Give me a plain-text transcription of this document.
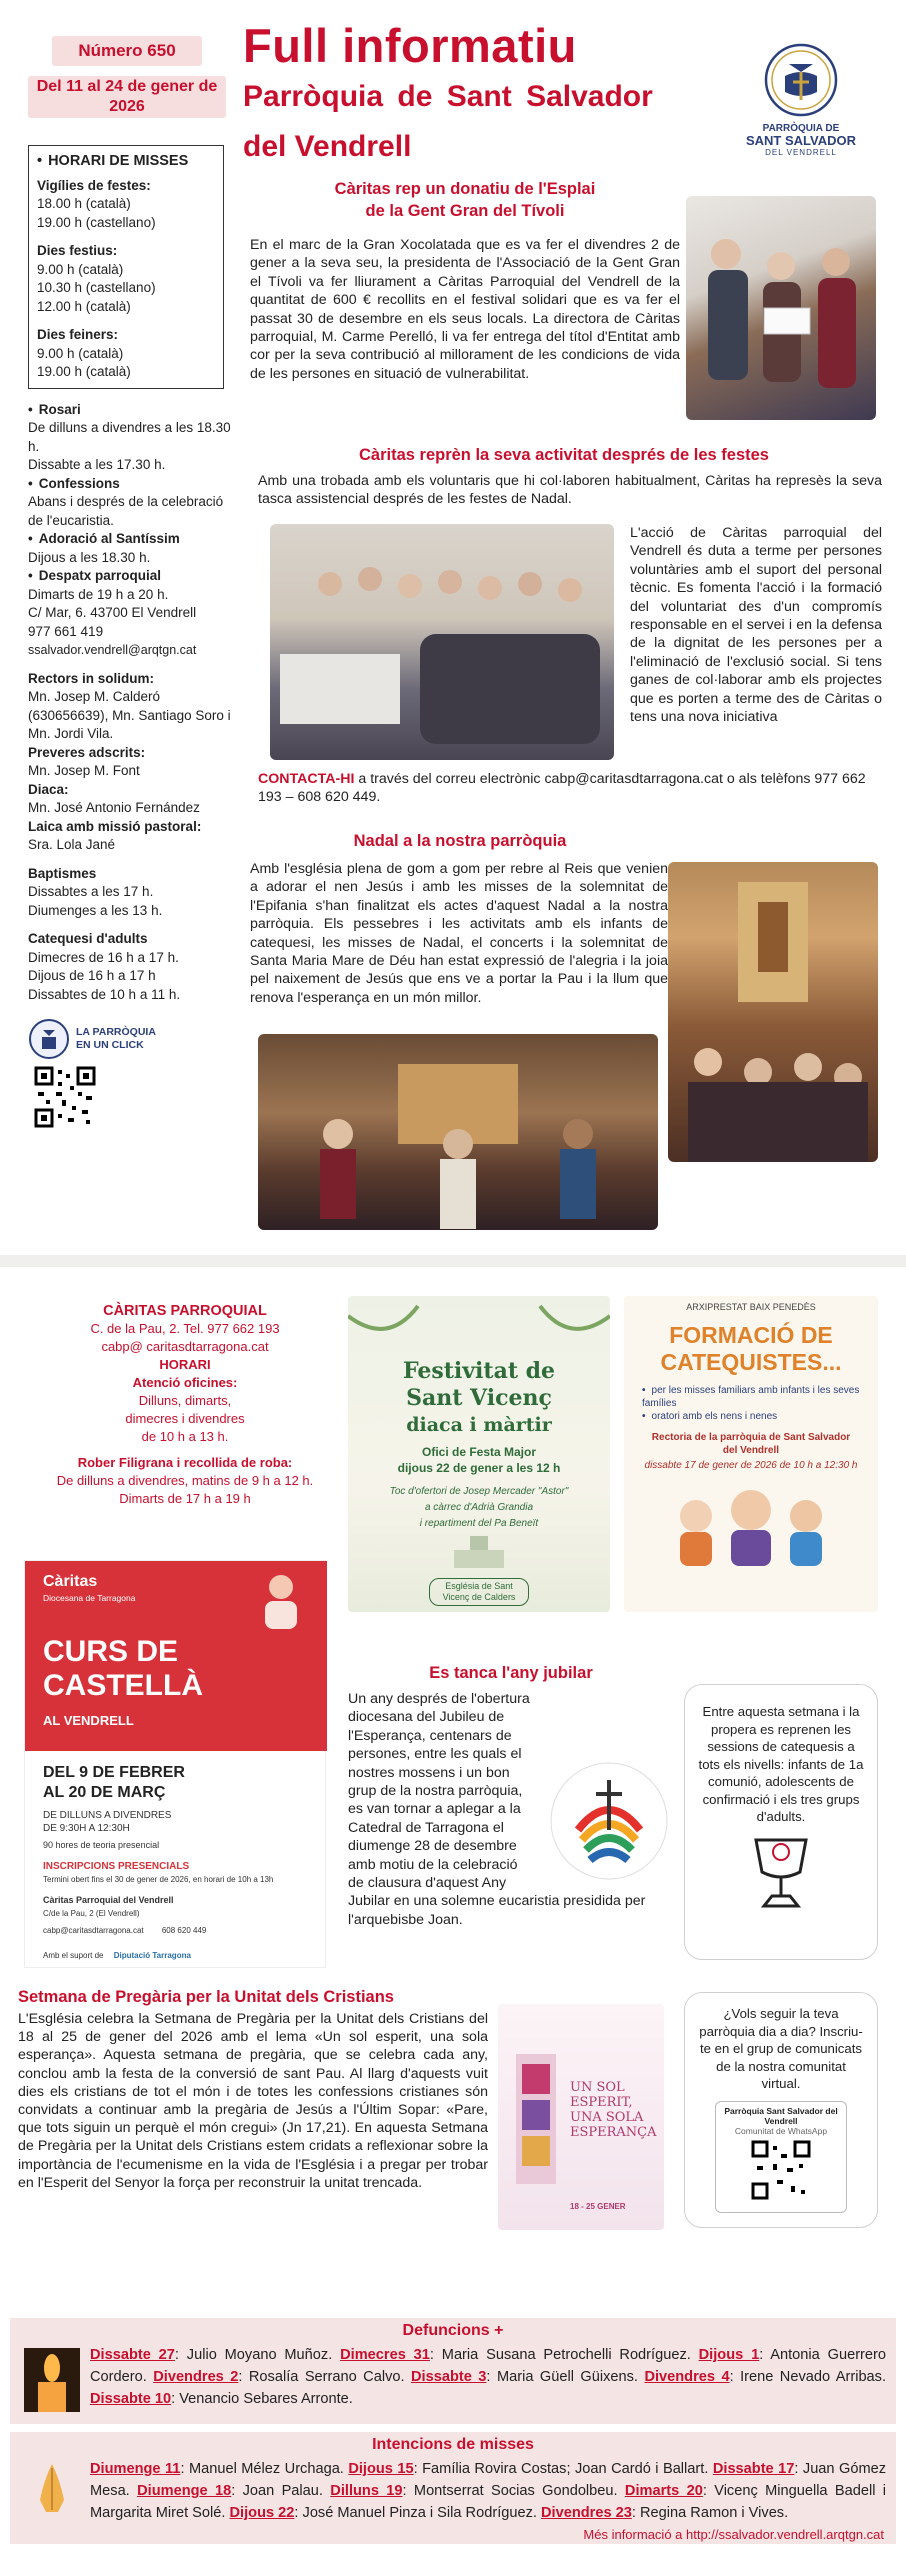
Número 650
Del 11 al 24 de gener de 2026
Full informatiu
Parròquia de Sant Salvador
del Vendrell
PARRÒQUIA DE
SANT SALVADOR
DEL VENDRELL
• HORARI DE MISSES
Vigílies de festes:
18.00 h (català)
19.00 h (castellano)
Dies festius:
9.00 h (català)
10.30 h (castellano)
12.00 h (català)
Dies feiners:
9.00 h (català)
19.00 h (català)
• Rosari
De dilluns a divendres a les 18.30 h.
Dissabte a les 17.30 h.
• Confessions
Abans i després de la celebració de l'eucaristia.
• Adoració al Santíssim
Dijous a les 18.30 h.
• Despatx parroquial
Dimarts de 19 h a 20 h.
C/ Mar, 6. 43700 El Vendrell
977 661 419
ssalvador.vendrell@arqtgn.cat
Rectors in solidum:
Mn. Josep M. Calderó (630656639), Mn. Santiago Soro i Mn. Jordi Vila.
Preveres adscrits:
Mn. Josep M. Font
Diaca:
Mn. José Antonio Fernández
Laica amb missió pastoral:
Sra. Lola Jané
Baptismes
Dissabtes a les 17 h.
Diumenges a les 13 h.
Catequesi d'adults
Dimecres de 16 h a 17 h.
Dijous de 16 h a 17 h
Dissabtes de 10 h a 11 h.
LA PARRÒQUIA EN UN CLICK
Càritas rep un donatiu de l'Esplai
de la Gent Gran del Tívoli
En el marc de la Gran Xocolatada que es va fer el divendres 2 de gener a la seva seu, la presidenta de l'Associació de la Gent Gran el Tívoli va fer lliurament a Càritas Parroquial del Vendrell de la quantitat de 600 € recollits en el festival solidari que es va fer el passat 30 de desembre en els seus locals. La directora de Càritas parroquial, M. Carme Perelló, li va fer entrega del títol d'Entitat amb cor per la seva contribució al millorament de les condicions de vida de les persones en situació de vulnerabilitat.
Càritas reprèn la seva activitat després de les festes
Amb una trobada amb els voluntaris que hi col·laboren habitualment, Càritas ha represès la seva tasca assistencial després de les festes de Nadal.
L'acció de Càritas parroquial del Vendrell és duta a terme per persones voluntàries amb el suport del personal tècnic. Es fomenta l'acció i la formació del voluntariat des d'un compromís responsable en el servei i en la defensa de la dignitat de les persones per a l'eliminació de l'exclusió social. Si tens ganes de col·laborar amb els projectes que es porten a terme des de Càritas o tens una nova iniciativa
CONTACTA-HI a través del correu electrònic cabp@caritasdtarragona.cat o als telèfons 977 662 193 – 608 620 449.
Nadal a la nostra parròquia
Amb l'església plena de gom a gom per rebre al Reis que venien a adorar el nen Jesús i amb les misses de la solemnitat de l'Epifania s'han finalitzat els actes d'aquest Nadal a la nostra parròquia. Els pessebres i les activitats amb els infants de catequesi, les misses de Nadal, el concerts i la solemnitat de Santa Maria Mare de Déu han estat expressió de l'alegria i la joia pel naixement de Jesús que ens ve a portar la Pau i la llum que renova l'esperança en un món millor.
CÀRITAS PARROQUIAL
C. de la Pau, 2. Tel. 977 662 193
cabp@ caritasdtarragona.cat
HORARI
Atenció oficines:
Dilluns, dimarts,
dimecres i divendres
de 10 h a 13 h.
Rober Filigrana i recollida de roba:
De dilluns a divendres, matins de 9 h a 12 h.
Dimarts de 17 h a 19 h
Festivitat de
Sant Vicenç
diaca i màrtir
Ofici de Festa Major
dijous 22 de gener a les 12 h
Toc d'ofertori de Josep Mercader "Astor"
a càrrec d'Adrià Grandia
i repartiment del Pa Beneït
Església de Sant Vicenç de Calders
ARXIPRESTAT BAIX PENEDÈS
FORMACIÓ DE
CATEQUISTES...
• per les misses familiars amb infants i les seves famílies
• oratori amb els nens i nenes
Rectoria de la parròquia de Sant Salvador del Vendrell
dissabte 17 de gener de 2026 de 10 h a 12:30 h
Càritas
Diocesana de Tarragona
CURS DE
CASTELLÀ
AL VENDRELL
DEL 9 DE FEBRER
AL 20 DE MARÇ
DE DILLUNS A DIVENDRES
DE 9:30H A 12:30H
90 hores de teoria presencial
INSCRIPCIONS PRESENCIALS
Termini obert fins el 30 de gener de 2026, en horari de 10h a 13h
Càritas Parroquial del Vendrell
C/de la Pau, 2 (El Vendrell)
cabp@caritasdtarragona.cat 608 620 449
Amb el suport de Diputació Tarragona
Es tanca l'any jubilar
Un any després de l'obertura diocesana del Jubileu de l'Esperança, centenars de persones, entre les quals el nostres mossens i un bon grup de la nostra parròquia, es van tornar a aplegar a la Catedral de Tarragona el diumenge 28 de desembre amb motiu de la celebració de clausura d'aquest Any Jubilar en una solemne eucaristia presidida per l'arquebisbe Joan.
Entre aquesta setmana i la propera es reprenen les sessions de catequesis a tots els nivells: infants de 1a comunió, adolescents de confirmació i els tres grups d'adults.
Setmana de Pregària per la Unitat dels Cristians
L'Església celebra la Setmana de Pregària per la Unitat dels Cristians del 18 al 25 de gener del 2026 amb el lema «Un sol esperit, una sola esperança». Aquesta setmana de pregària, que se celebra cada any, conclou amb la festa de la conversió de sant Pau. Al llarg d'aquests vuit dies els cristians de tot el món i de totes les confessions cristianes són convidats a continuar amb la pregària de Jesús a l'Últim Sopar: «Pare, que tots siguin un perquè el món cregui» (Jn 17,21). En aquesta Setmana de Pregària per la Unitat dels Cristians estem cridats a reflexionar sobre la importància de l'ecumenisme en la vida de l'Església i a pregar per trobar en l'Esperit del Senyor la força per reconstruir la unitat trencada.
UN SOL ESPERIT,
UNA SOLA
ESPERANÇA
18 - 25 GENER
¿Vols seguir la teva parròquia dia a dia? Inscriu-te en el grup de comunicats de la nostra comunitat virtual.
Parròquia Sant Salvador del Vendrell
Comunitat de WhatsApp
Defuncions +
Dissabte 27: Julio Moyano Muñoz. Dimecres 31: Maria Susana Petrochelli Rodríguez. Dijous 1: Antonia Guerrero Cordero. Divendres 2: Rosalía Serrano Calvo. Dissabte 3: Maria Güell Güixens. Divendres 4: Irene Nevado Arribas. Dissabte 10: Venancio Sebares Arronte.
Intencions de misses
Diumenge 11: Manuel Mélez Urchaga. Dijous 15: Família Rovira Costas; Joan Cardó i Ballart. Dissabte 17: Juan Gómez Mesa. Diumenge 18: Joan Palau. Dilluns 19: Montserrat Socias Gondolbeu. Dimarts 20: Vicenç Minguella Badell i Margarita Miret Solé. Dijous 22: José Manuel Pinza i Sila Rodríguez. Divendres 23: Regina Ramon i Vives.
Més informació a http://ssalvador.vendrell.arqtgn.cat
